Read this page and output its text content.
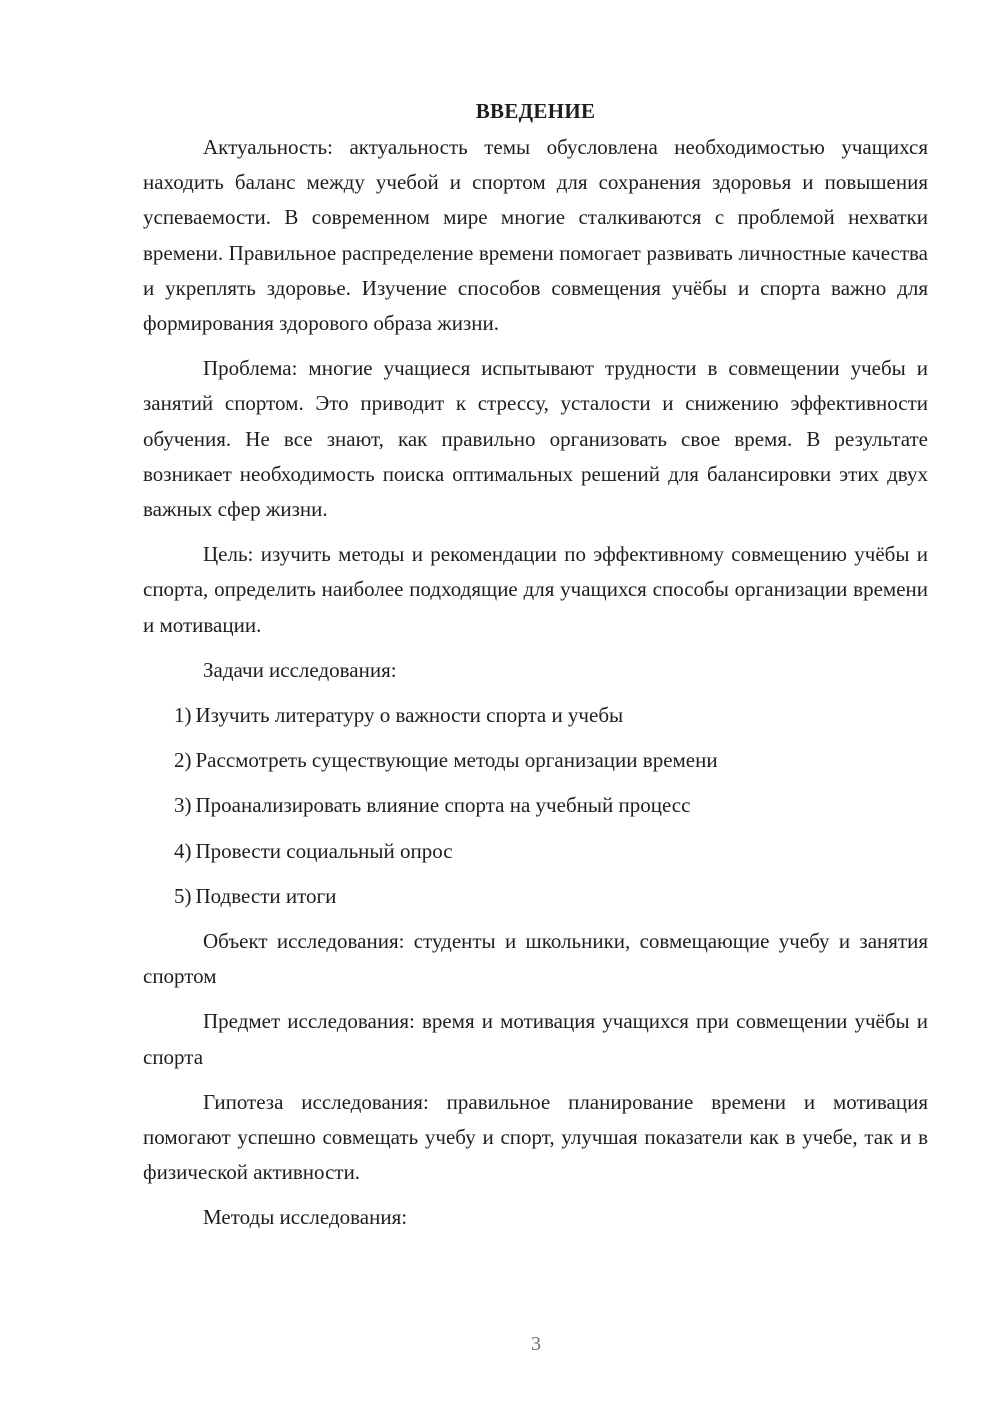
ВВЕДЕНИЕ

Актуальность: актуальность темы обусловлена необходимостью учащихся находить баланс между учебой и спортом для сохранения здоровья и повышения успеваемости. В современном мире многие сталкиваются с проблемой нехватки времени. Правильное распределение времени помогает развивать личностные качества и укреплять здоровье. Изучение способов совмещения учёбы и спорта важно для формирования здорового образа жизни.

Проблема: многие учащиеся испытывают трудности в совмещении учебы и занятий спортом. Это приводит к стрессу, усталости и снижению эффективности обучения. Не все знают, как правильно организовать свое время. В результате возникает необходимость поиска оптимальных решений для балансировки этих двух важных сфер жизни.

Цель: изучить методы и рекомендации по эффективному совмещению учёбы и спорта, определить наиболее подходящие для учащихся способы организации времени и мотивации.

Задачи исследования:

1) Изучить литературу о важности спорта и учебы
2) Рассмотреть существующие методы организации времени
3) Проанализировать влияние спорта на учебный процесс
4) Провести социальный опрос
5) Подвести итоги

Объект исследования: студенты и школьники, совмещающие учебу и занятия спортом

Предмет исследования: время и мотивация учащихся при совмещении учёбы и спорта

Гипотеза исследования: правильное планирование времени и мотивация помогают успешно совмещать учебу и спорт, улучшая показатели как в учебе, так и в физической активности.

Методы исследования:

3
